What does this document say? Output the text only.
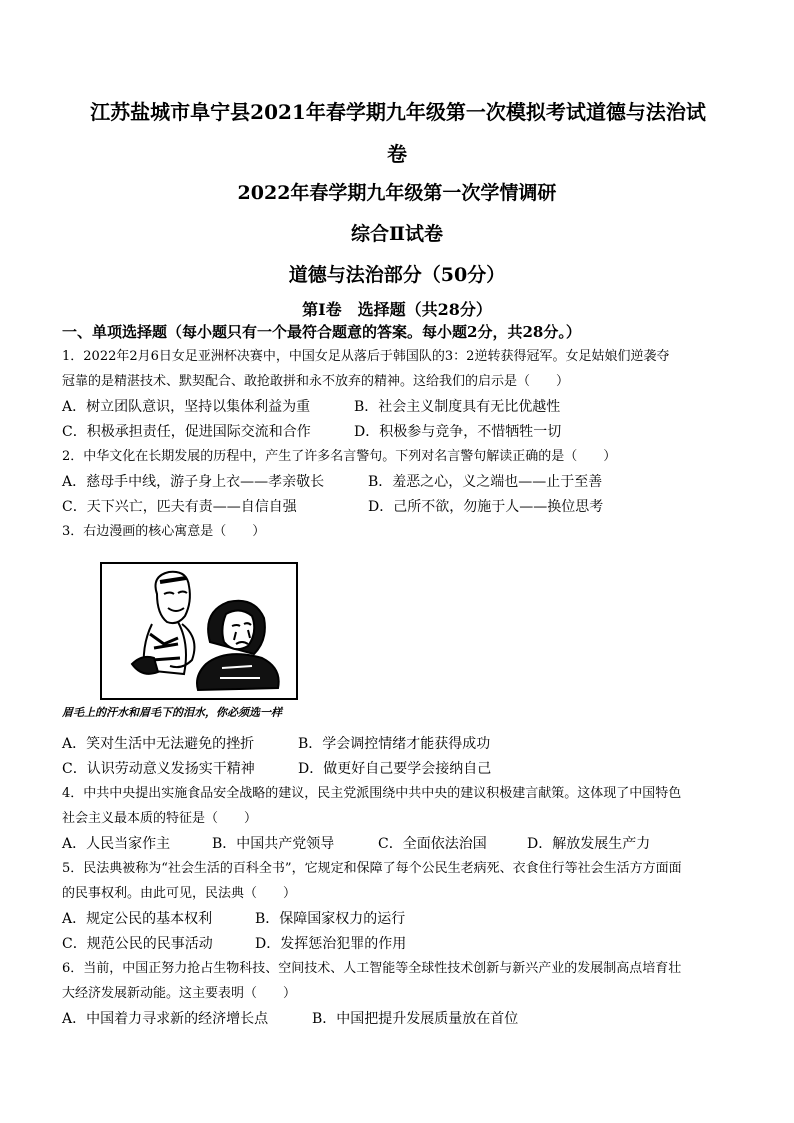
江苏盐城市阜宁县2021年春学期九年级第一次模拟考试道德与法治试
卷
2022年春学期九年级第一次学情调研
综合Ⅱ试卷
道德与法治部分（50分）
第Ⅰ卷　选择题（共28分）
一、单项选择题（每小题只有一个最符合题意的答案。每小题2分，共28分。）
1．2022年2月6日女足亚洲杯决赛中，中国女足从落后于韩国队的3：2逆转获得冠军。女足姑娘们逆袭夺
冠靠的是精湛技术、默契配合、敢抢敢拼和永不放弃的精神。这给我们的启示是（　　）
A．树立团队意识，坚持以集体利益为重	B．社会主义制度具有无比优越性
C．积极承担责任，促进国际交流和合作	D．积极参与竞争，不惜牺牲一切
2．中华文化在长期发展的历程中，产生了许多名言警句。下列对名言警句解读正确的是（　　）
A．慈母手中线，游子身上衣——孝亲敬长	B．羞恶之心，义之端也——止于至善
C．天下兴亡，匹夫有责——自信自强	D．己所不欲，勿施于人——换位思考
3．右边漫画的核心寓意是（　　）
眉毛上的汗水和眉毛下的泪水，你必须选一样
A．笑对生活中无法避免的挫折	B．学会调控情绪才能获得成功
C．认识劳动意义发扬实干精神	D．做更好自己要学会接纳自己
4．中共中央提出实施食品安全战略的建议，民主党派围绕中共中央的建议积极建言献策。这体现了中国特色
社会主义最本质的特征是（　　）
A．人民当家作主	B．中国共产党领导	C．全面依法治国	D．解放发展生产力
5．民法典被称为“社会生活的百科全书”，它规定和保障了每个公民生老病死、衣食住行等社会生活方方面面
的民事权利。由此可见，民法典（　　）
A．规定公民的基本权利	B．保障国家权力的运行
C．规范公民的民事活动	D．发挥惩治犯罪的作用
6．当前，中国正努力抢占生物科技、空间技术、人工智能等全球性技术创新与新兴产业的发展制高点培育壮
大经济发展新动能。这主要表明（　　）
A．中国着力寻求新的经济增长点	B．中国把提升发展质量放在首位
